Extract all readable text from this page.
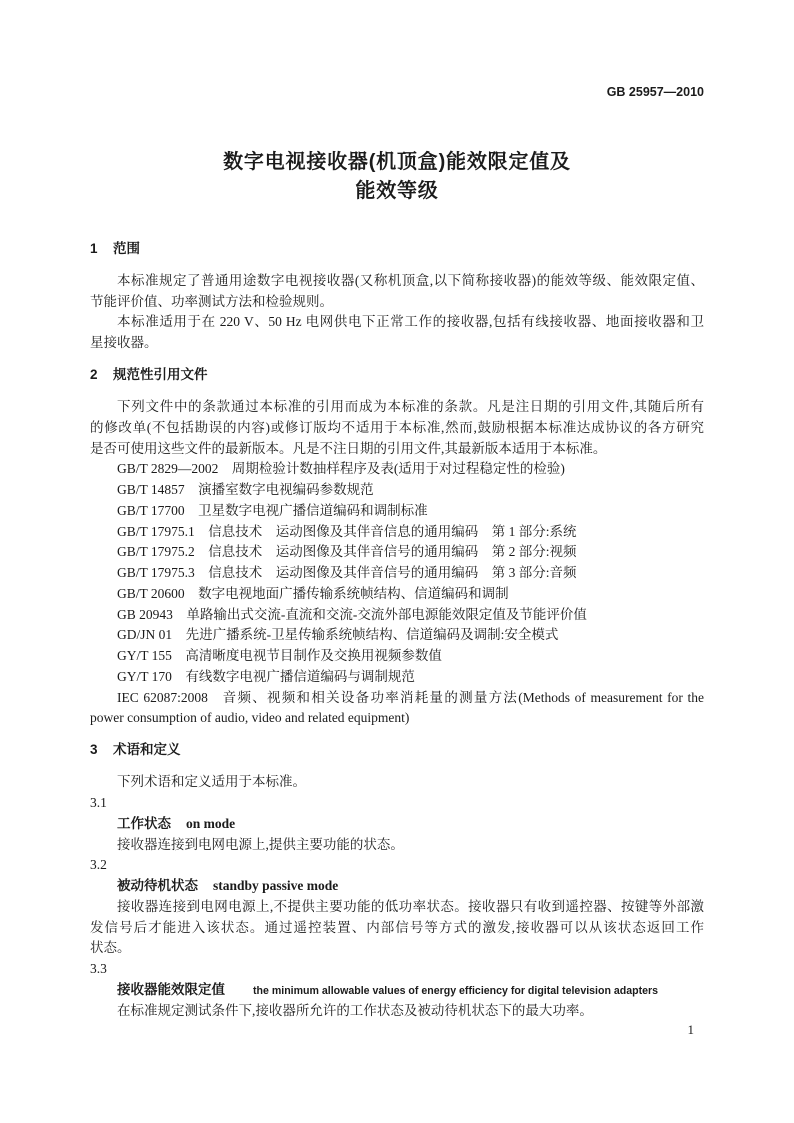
GB 25957—2010
数字电视接收器(机顶盒)能效限定值及
能效等级
1 范围
本标准规定了普通用途数字电视接收器(又称机顶盒,以下简称接收器)的能效等级、能效限定值、
节能评价值、功率测试方法和检验规则。
本标准适用于在 220 V、50 Hz 电网供电下正常工作的接收器,包括有线接收器、地面接收器和卫
星接收器。
2 规范性引用文件
下列文件中的条款通过本标准的引用而成为本标准的条款。凡是注日期的引用文件,其随后所有
的修改单(不包括勘误的内容)或修订版均不适用于本标准,然而,鼓励根据本标准达成协议的各方研究
是否可使用这些文件的最新版本。凡是不注日期的引用文件,其最新版本适用于本标准。
GB/T 2829—2002 周期检验计数抽样程序及表(适用于对过程稳定性的检验)
GB/T 14857 演播室数字电视编码参数规范
GB/T 17700 卫星数字电视广播信道编码和调制标准
GB/T 17975.1 信息技术　运动图像及其伴音信息的通用编码　第 1 部分:系统
GB/T 17975.2 信息技术　运动图像及其伴音信号的通用编码　第 2 部分:视频
GB/T 17975.3 信息技术　运动图像及其伴音信号的通用编码　第 3 部分:音频
GB/T 20600 数字电视地面广播传输系统帧结构、信道编码和调制
GB 20943 单路输出式交流-直流和交流-交流外部电源能效限定值及节能评价值
GD/JN 01 先进广播系统-卫星传输系统帧结构、信道编码及调制:安全模式
GY/T 155 高清晰度电视节目制作及交换用视频参数值
GY/T 170 有线数字电视广播信道编码与调制规范
IEC 62087:2008 音频、视频和相关设备功率消耗量的测量方法(Methods of measurement for the
power consumption of audio, video and related equipment)
3 术语和定义
下列术语和定义适用于本标准。
3.1
工作状态 on mode
接收器连接到电网电源上,提供主要功能的状态。
3.2
被动待机状态 standby passive mode
接收器连接到电网电源上,不提供主要功能的低功率状态。接收器只有收到遥控器、按键等外部激
发信号后才能进入该状态。通过遥控装置、内部信号等方式的激发,接收器可以从该状态返回工作
状态。
3.3
接收器能效限定值	the minimum allowable values of energy efficiency for digital television adapters
在标准规定测试条件下,接收器所允许的工作状态及被动待机状态下的最大功率。
1
